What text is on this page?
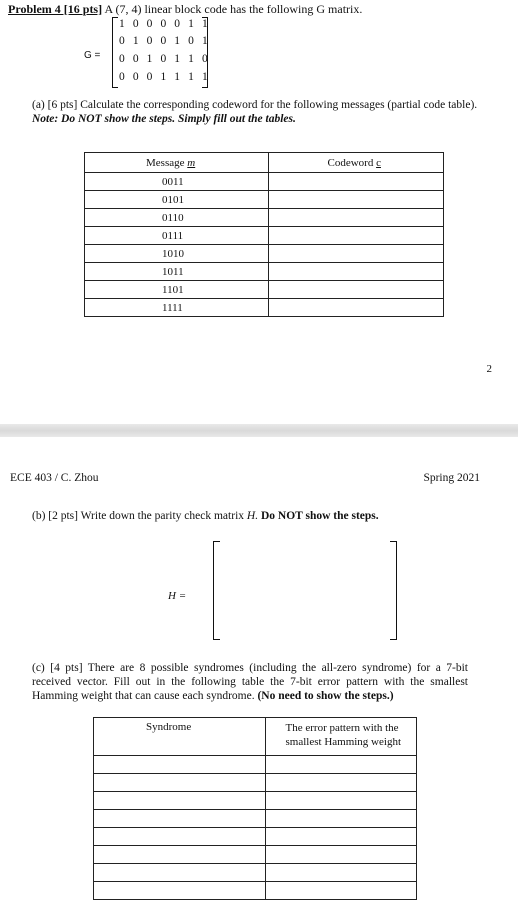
Problem 4 [16 pts] A (7, 4) linear block code has the following G matrix.
G =
1 0 0 0 0 1 1
0 1 0 0 1 0 1
0 0 1 0 1 1 0
0 0 0 1 1 1 1
(a) [6 pts] Calculate the corresponding codeword for the following messages (partial code table). Note: Do NOT show the steps. Simply fill out the tables.
Message m	Codeword c
0011	
0101	
0110	
0111	
1010	
1011	
1101	
1111	
2
ECE 403 / C. Zhou	Spring 2021
(b) [2 pts] Write down the parity check matrix H. Do NOT show the steps.
H =
(c) [4 pts] There are 8 possible syndromes (including the all-zero syndrome) for a 7-bit received vector. Fill out in the following table the 7-bit error pattern with the smallest Hamming weight that can cause each syndrome. (No need to show the steps.)
Syndrome	The error pattern with the
smallest Hamming weight
